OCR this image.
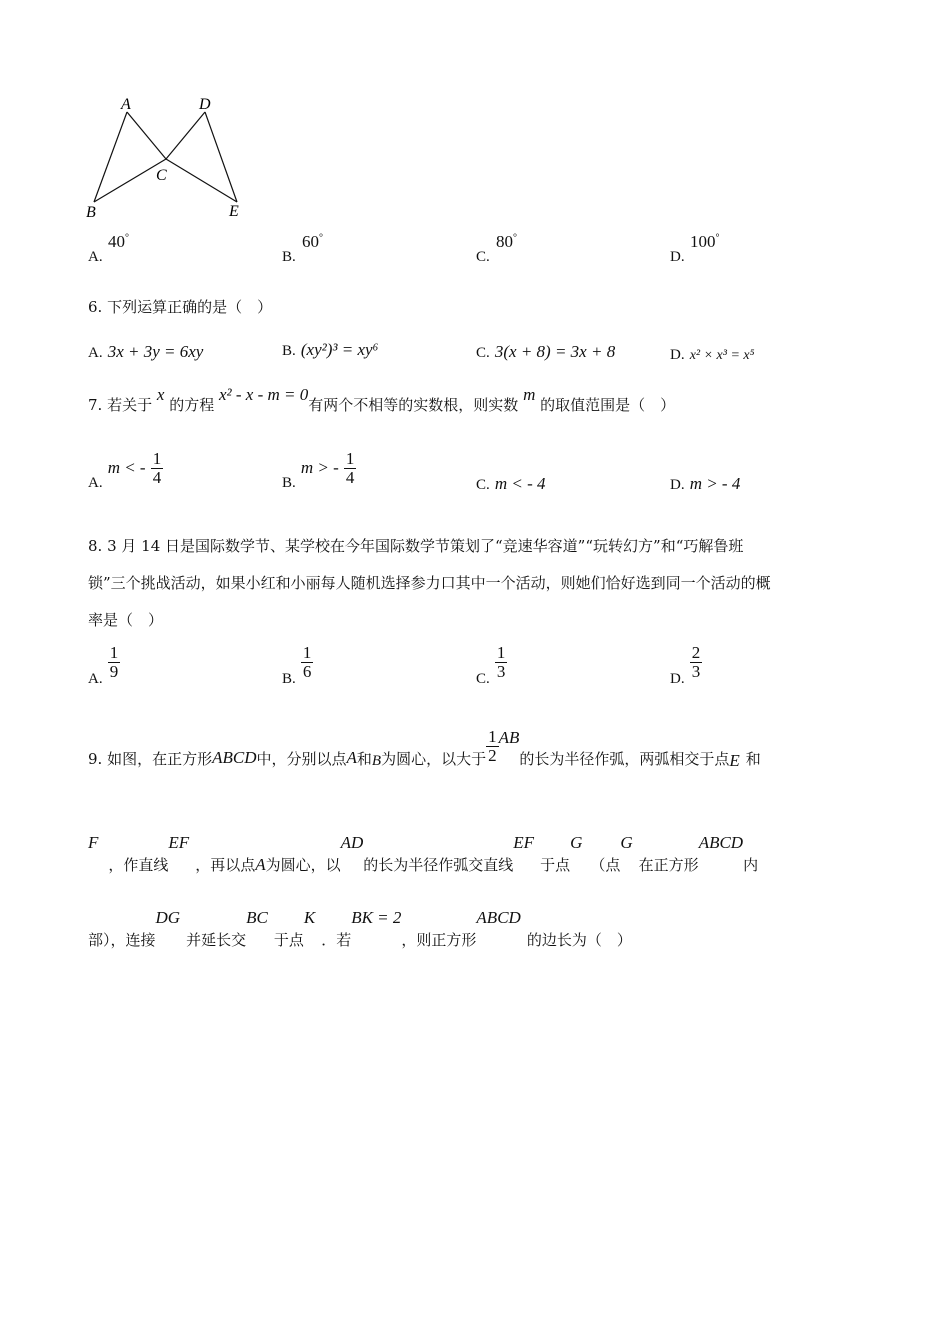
A	D
C
B	E
A.
40°
B.
60°
C.
80°
D.
100°
6. 下列运算正确的是（　）
A. 3x + 3y = 6xy	B. (xy²)³ = xy⁶	C. 3(x + 8) = 3x + 8	D. x² × x³ = x⁵
7. 若关于 x 的方程 x² - x - m = 0有两个不相等的实数根，则实数 m 的取值范围是（　）
A. m < - $\frac{1}{4}$	B. m > - $\frac{1}{4}$	C. m < - 4	D. m > - 4
8. 3 月 14 日是国际数学节、某学校在今年国际数学节策划了“竞速华容道”“玩转幻方”和“巧解鲁班
锁”三个挑战活动，如果小红和小丽每人随机选择参力口其中一个活动，则她们恰好选到同一个活动的概
率是（　）
A. $\frac{1}{9}$	B. $\frac{1}{6}$	C. $\frac{1}{3}$	D. $\frac{2}{3}$
9. 如图，在正方形 ABCD 中，分别以点 A 和 B 为圆心，以大于 $\frac{1}{2}$ AB
的长为半径作弧，两弧相交于点 E 和
F
，作直线
EF
，再以点 A 为圆心，以
AD
的长为半径作弧交直线
EF
于点
G
（点
G
在正方形
ABCD
内
部），连接
DG
并延长交
BC
于点
K
．若
BK = 2
，则正方形
ABCD
的边长为（　）
